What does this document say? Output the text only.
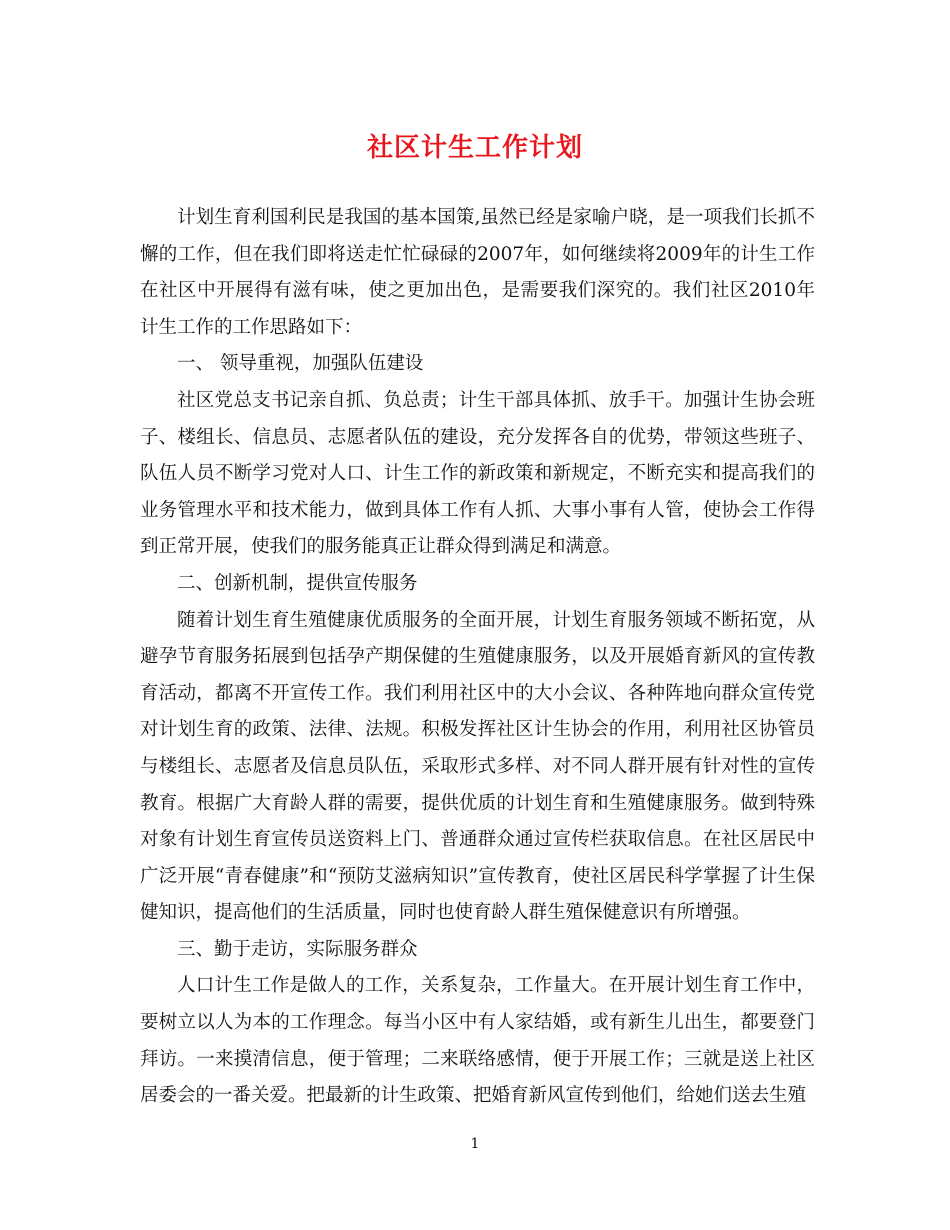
社区计生工作计划

计划生育利国利民是我国的基本国策,虽然已经是家喻户晓，是一项我们长抓不懈的工作，但在我们即将送走忙忙碌碌的2007年，如何继续将2009年的计生工作在社区中开展得有滋有味，使之更加出色，是需要我们深究的。我们社区2010年计生工作的工作思路如下：

一、 领导重视，加强队伍建设

社区党总支书记亲自抓、负总责；计生干部具体抓、放手干。加强计生协会班子、楼组长、信息员、志愿者队伍的建设，充分发挥各自的优势，带领这些班子、队伍人员不断学习党对人口、计生工作的新政策和新规定，不断充实和提高我们的业务管理水平和技术能力，做到具体工作有人抓、大事小事有人管，使协会工作得到正常开展，使我们的服务能真正让群众得到满足和满意。

二、创新机制，提供宣传服务

随着计划生育生殖健康优质服务的全面开展，计划生育服务领域不断拓宽，从避孕节育服务拓展到包括孕产期保健的生殖健康服务，以及开展婚育新风的宣传教育活动，都离不开宣传工作。我们利用社区中的大小会议、各种阵地向群众宣传党对计划生育的政策、法律、法规。积极发挥社区计生协会的作用，利用社区协管员与楼组长、志愿者及信息员队伍，采取形式多样、对不同人群开展有针对性的宣传教育。根据广大育龄人群的需要，提供优质的计划生育和生殖健康服务。做到特殊对象有计划生育宣传员送资料上门、普通群众通过宣传栏获取信息。在社区居民中广泛开展“青春健康”和“预防艾滋病知识”宣传教育，使社区居民科学掌握了计生保健知识，提高他们的生活质量，同时也使育龄人群生殖保健意识有所增强。

三、勤于走访，实际服务群众

人口计生工作是做人的工作，关系复杂，工作量大。在开展计划生育工作中，要树立以人为本的工作理念。每当小区中有人家结婚，或有新生儿出生，都要登门拜访。一来摸清信息，便于管理；二来联络感情，便于开展工作；三就是送上社区居委会的一番关爱。把最新的计生政策、把婚育新风宣传到他们，给她们送去生殖

1
